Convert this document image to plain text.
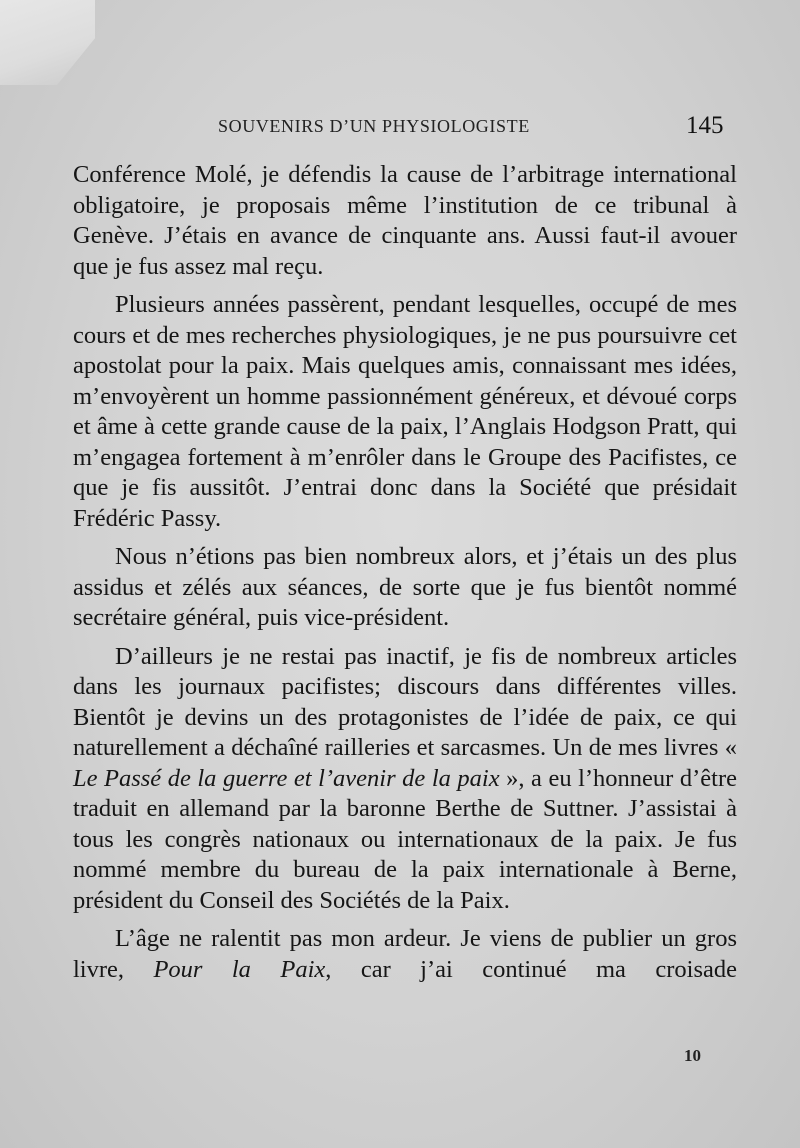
SOUVENIRS D’UN PHYSIOLOGISTE	145

Conférence Molé, je défendis la cause de l’arbitrage international obligatoire, je proposais même l’institution de ce tribunal à Genève. J’étais en avance de cinquante ans. Aussi faut-il avouer que je fus assez mal reçu.

Plusieurs années passèrent, pendant lesquelles, occupé de mes cours et de mes recherches physiologiques, je ne pus poursuivre cet apostolat pour la paix. Mais quelques amis, connaissant mes idées, m’envoyèrent un homme passionnément généreux, et dévoué corps et âme à cette grande cause de la paix, l’Anglais Hodgson Pratt, qui m’engagea fortement à m’enrôler dans le Groupe des Pacifistes, ce que je fis aussitôt. J’entrai donc dans la Société que présidait Frédéric Passy.

Nous n’étions pas bien nombreux alors, et j’étais un des plus assidus et zélés aux séances, de sorte que je fus bientôt nommé secrétaire général, puis vice-président.

D’ailleurs je ne restai pas inactif, je fis de nombreux articles dans les journaux pacifistes; discours dans différentes villes. Bientôt je devins un des protagonistes de l’idée de paix, ce qui naturellement a déchaîné railleries et sarcasmes. Un de mes livres « Le Passé de la guerre et l’avenir de la paix », a eu l’honneur d’être traduit en allemand par la baronne Berthe de Suttner. J’assistai à tous les congrès nationaux ou internationaux de la paix. Je fus nommé membre du bureau de la paix internationale à Berne, président du Conseil des Sociétés de la Paix.

L’âge ne ralentit pas mon ardeur. Je viens de publier un gros livre, Pour la Paix, car j’ai continué ma croisade

10
